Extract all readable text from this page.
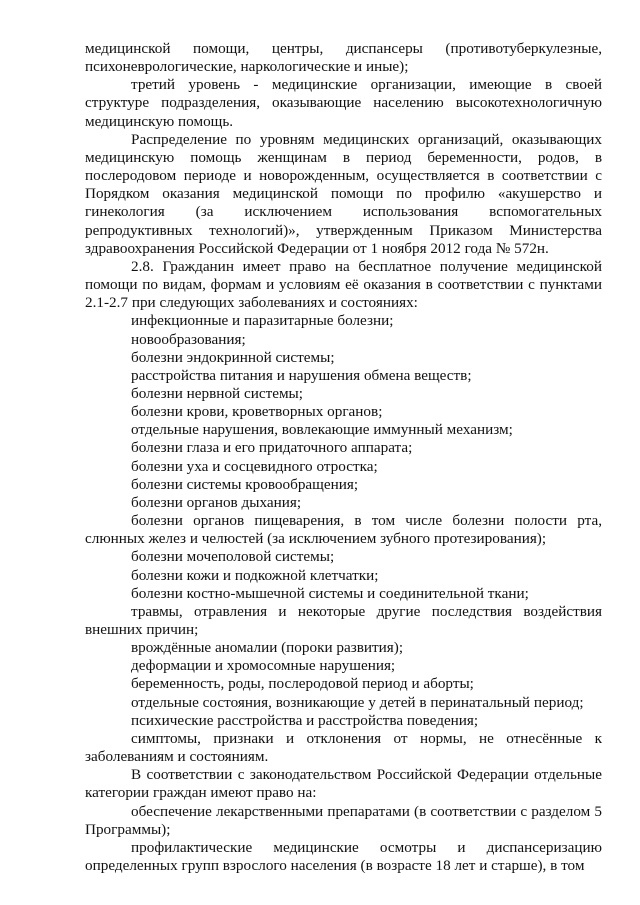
медицинской помощи, центры, диспансеры (противотуберкулезные, психоневрологические, наркологические и иные);

третий уровень - медицинские организации, имеющие в своей структуре подразделения, оказывающие населению высокотехнологичную медицинскую помощь.

Распределение по уровням медицинских организаций, оказывающих медицинскую помощь женщинам в период беременности, родов, в послеродовом периоде и новорожденным, осуществляется в соответствии с Порядком оказания медицинской помощи по профилю «акушерство и гинекология (за исключением использования вспомогательных репродуктивных технологий)», утвержденным Приказом Министерства здравоохранения Российской Федерации от 1 ноября 2012 года № 572н.

2.8. Гражданин имеет право на бесплатное получение медицинской помощи по видам, формам и условиям её оказания в соответствии с пунктами 2.1-2.7 при следующих заболеваниях и состояниях:

инфекционные и паразитарные болезни;

новообразования;

болезни эндокринной системы;

расстройства питания и нарушения обмена веществ;

болезни нервной системы;

болезни крови, кроветворных органов;

отдельные нарушения, вовлекающие иммунный механизм;

болезни глаза и его придаточного аппарата;

болезни уха и сосцевидного отростка;

болезни системы кровообращения;

болезни органов дыхания;

болезни органов пищеварения, в том числе болезни полости рта, слюнных желез и челюстей (за исключением зубного протезирования);

болезни мочеполовой системы;

болезни кожи и подкожной клетчатки;

болезни костно-мышечной системы и соединительной ткани;

травмы, отравления и некоторые другие последствия воздействия внешних причин;

врождённые аномалии (пороки развития);

деформации и хромосомные нарушения;

беременность, роды, послеродовой период и аборты;

отдельные состояния, возникающие у детей в перинатальный период;

психические расстройства и расстройства поведения;

симптомы, признаки и отклонения от нормы, не отнесённые к заболеваниям и состояниям.

В соответствии с законодательством Российской Федерации отдельные категории граждан имеют право на:

обеспечение лекарственными препаратами (в соответствии с разделом 5 Программы);

профилактические медицинские осмотры и диспансеризацию определенных групп взрослого населения (в возрасте 18 лет и старше), в том
